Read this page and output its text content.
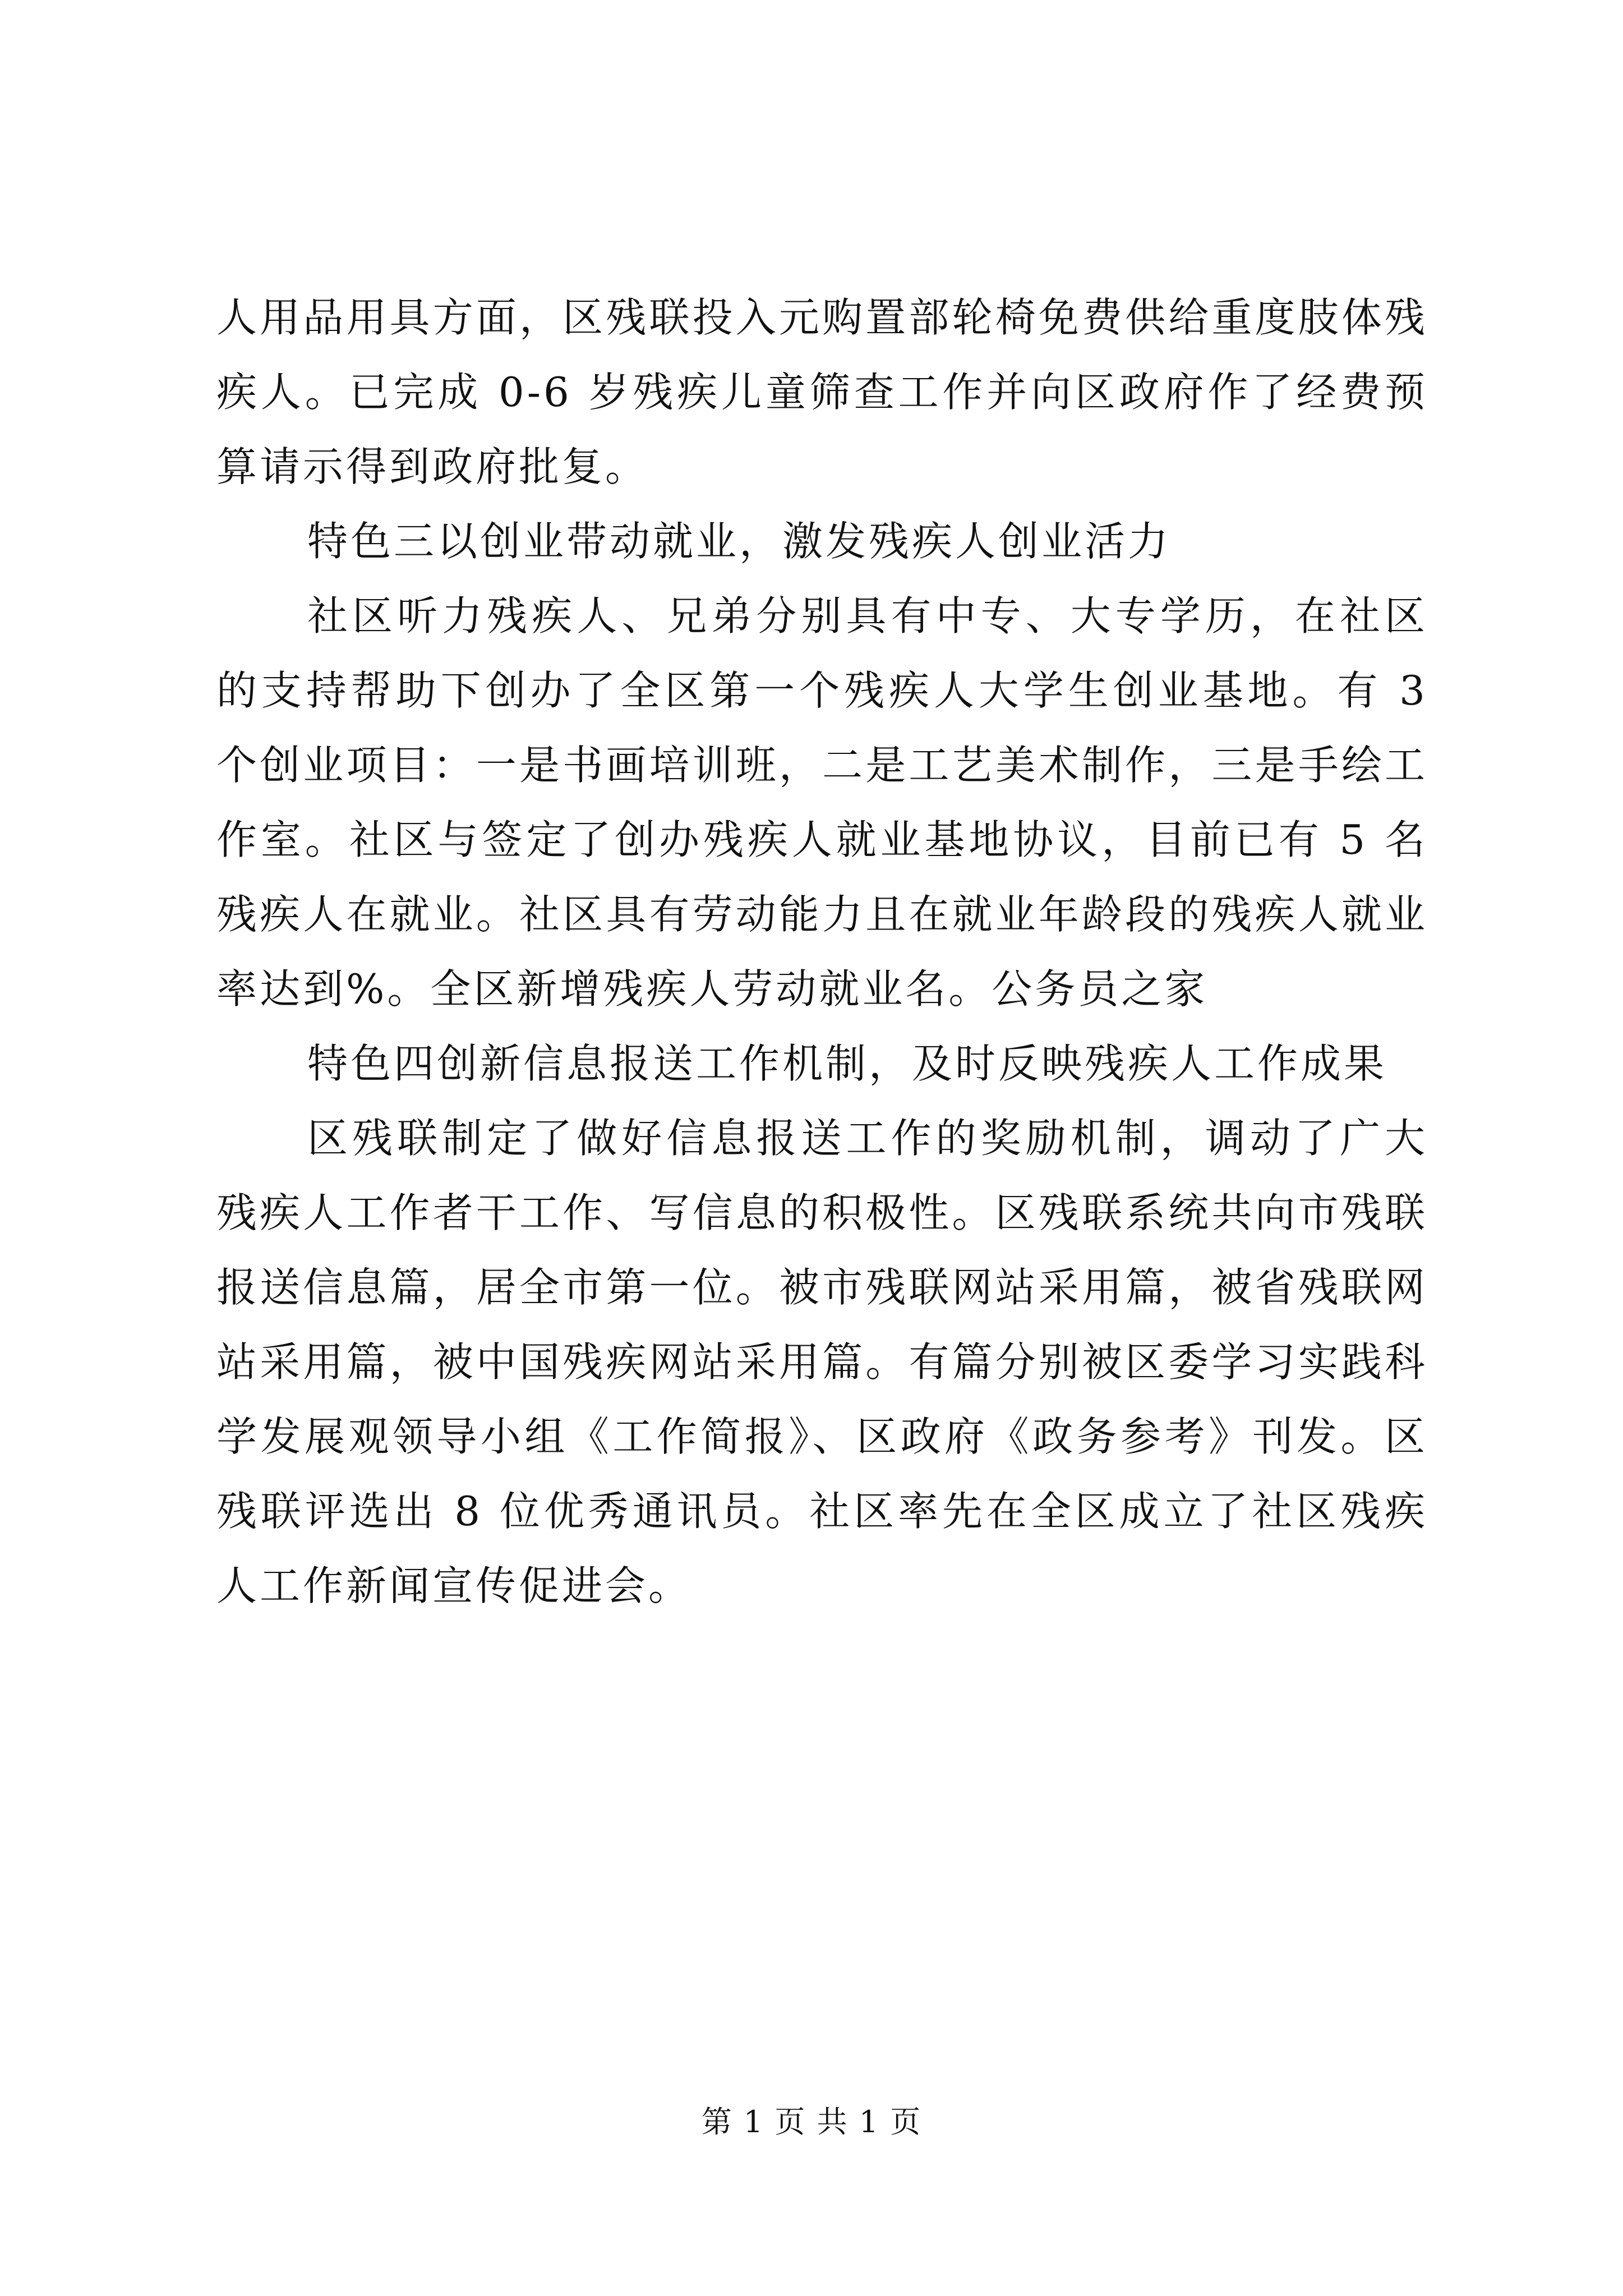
人用品用具方面，区残联投入元购置部轮椅免费供给重度肢体残疾人。已完成 0-6 岁残疾儿童筛查工作并向区政府作了经费预算请示得到政府批复。

特色三以创业带动就业，激发残疾人创业活力

社区听力残疾人、兄弟分别具有中专、大专学历，在社区的支持帮助下创办了全区第一个残疾人大学生创业基地。有 3 个创业项目：一是书画培训班，二是工艺美术制作，三是手绘工作室。社区与签定了创办残疾人就业基地协议，目前已有 5 名残疾人在就业。社区具有劳动能力且在就业年龄段的残疾人就业率达到%。全区新增残疾人劳动就业名。公务员之家

特色四创新信息报送工作机制，及时反映残疾人工作成果

区残联制定了做好信息报送工作的奖励机制，调动了广大残疾人工作者干工作、写信息的积极性。区残联系统共向市残联报送信息篇，居全市第一位。被市残联网站采用篇，被省残联网站采用篇，被中国残疾网站采用篇。有篇分别被区委学习实践科学发展观领导小组《工作简报》、区政府《政务参考》刊发。区残联评选出 8 位优秀通讯员。社区率先在全区成立了社区残疾人工作新闻宣传促进会。

第 1 页 共 1 页
